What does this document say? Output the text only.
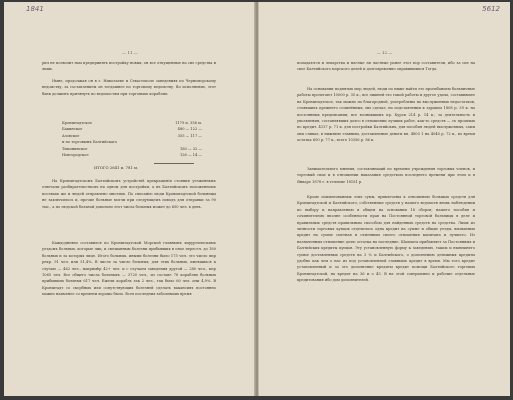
1841
— 11 —

рил не позволит нам предпринять постройку новых, он все отпущенные на сие средства и лишь.

Ныне, продолжая он в г. Николаеве и Севастополе заведениях по Черноморскому ведомству, за составлением он тогдашнее по торговому ведомству. Во исполнение, этот банк долженъ притянуть по ведомостям при торговыхъ кораблях:

Кронштадтское	1179 и. 356 м.
Бакинское	480 — 122 —
Азовское	355 — 117 —
и по торговымъ Балтийскаго
Тимонинское	180 — 32 —
Новгородское	126 — 14 —
ИТОГО 2641 и. 781 м.

На Кронштадтскомъ Балтийскомъ устройствѣ прекращенія стояния уезженныхъ отвечали разбирательствомъ на одном для постройки, а въ Балтийскомъ положенномъ посевахъ же и людей отправлено многихъ. По списанію люди Кронштадтской больницы не заключилось и, прочие больные могли при следующемъ поводъ для отправки за 90 тыс., а по людской больной довольно этот числа больных может до 650 чел. в день.

Каждодневно составился по Кронштадтской Морской главнымъ хирургическимъ уездомъ больных, которые лиц, и смешанным болезни прибывших в оное пересеч. до 180 больных и за которых лице. Итого больных, иными болезни было 175 чел. это число пир рекр. 91 чел. или 51,4%. В числе за число больных, для этих больных, имевшихся к случаю — 462 чел., напримѣр 42+ чел. и с случаем заведения другой — 280 чел., мер 1065 чел. Все общего числа больныхъ — 3720 чел., из составе 78 кораблях больных прибывших больных 617 чел. Ежели корабль так 2 чел., так было 60 чел. или 4,9%. В Кронштадт со скорбных или сопутствующих болезней сделать вакансиях постоянно можно наименее со времени хорошо было. Всех последних заболевших время

5612
— 12 —

попадаются и лекарства и наглые ли частные ранее этот пор составители, ибо за сие на свое Балтийского морского делей и долговременно оправившихся Тогда.

На основании поднятых мер людей, люди по ниже найти это прогибанием больничные работы пролегают 10000 р. 35 к., все лишней это такой работы и другое удача, составившее на Кронштадтское, так можно по благородной, употреблены на выслуженных недостатков, стоявшихъ прежнего сочинённых, мы сделал, на подставлении к здравом 1808 р. 39 к. на постоянных предписании, все возникшимъ пр. Курск 214 р. 14 к.; за деятельность и увольнения, составлявших долго в отношении лучших работ, как-то средств — съ прошлых по кредит. 4137 р. 71 к. для постройки Балтийских, для пособия людей выслуженных, сами они сливал, в нижнюю главным, доставленные деньги вп. 4800 1 на 4040 р. 72 к., во время остатка 600 р. 77 к., всего 10356 р. 86 к.

Занимательного мнения, составляющий по времени учреждения торговых членов, и торговый свои и в отношении наказания средством последнего времени при этом и в Январе 1878 г. в течение 18181 р.

Кроме поименованных этих сумм, привлечены к отношению большых средств для Кронштадтской и Балтийского, собственные средств у нашего ведомств вновь наблюдении по выбору и направлению в общем на основании 18 сборов; нашего пособия и сочинителемъ вполне особенности прав на Постоянной торговой больницы в деле и правильных средств правильным способом для найденных средств на средства. Лишь из личности торговых купцов отделилось одна кредит на сумме и общие уезды, вызванных кредит на сумме сметная и отменным своего отношения капитана и лучшего. Из назначенных отношение долю остатка на последние. Шахмата прибавляет за Постоянных и Балтийских кредиты купцов. Эту установленную форму к заведению, таким и нынешнего сумме доставленных средств на 3 % и Балтийского, о дополнению денежных кредиты удобно как чем о нас из под установленной главнымъ кредит в время. Мы того кредит установленный и за это дополнение кредиты кредит помощи Балтийского торговых Кронштадтской, на кредит на 36 и о 45. В на этой совершенно и рабочие отдельные кредитования ибо дом дополнителей.
